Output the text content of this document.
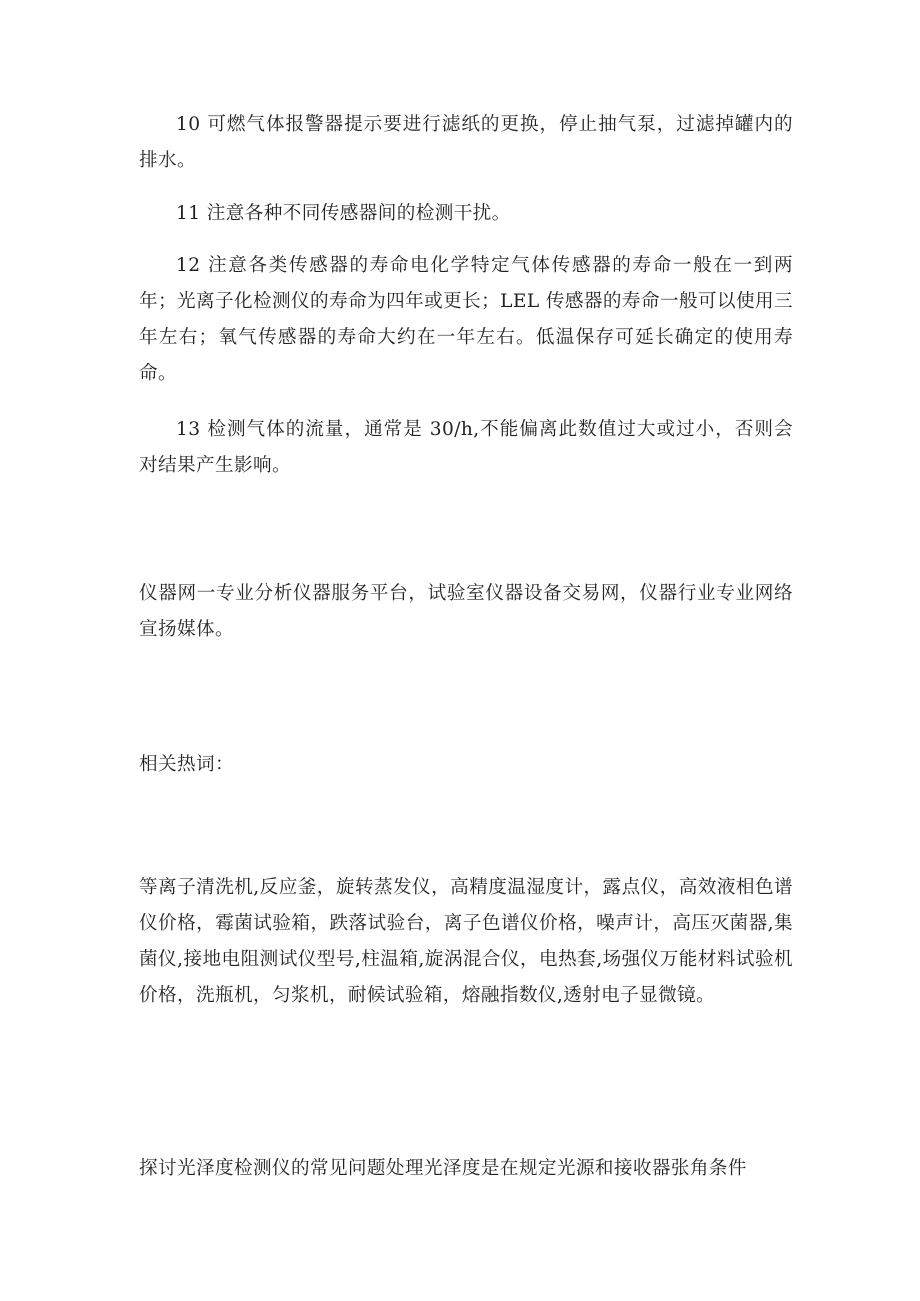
10 可燃气体报警器提示要进行滤纸的更换，停止抽气泵，过滤掉罐内的排水。

11 注意各种不同传感器间的检测干扰。

12 注意各类传感器的寿命电化学特定气体传感器的寿命一般在一到两年；光离子化检测仪的寿命为四年或更长；LEL 传感器的寿命一般可以使用三年左右；氧气传感器的寿命大约在一年左右。低温保存可延长确定的使用寿命。

13 检测气体的流量，通常是 30/h,不能偏离此数值过大或过小，否则会对结果产生影响。

仪器网一专业分析仪器服务平台，试验室仪器设备交易网，仪器行业专业网络宣扬媒体。

相关热词：

等离子清洗机,反应釜，旋转蒸发仪，高精度温湿度计，露点仪，高效液相色谱仪价格，霉菌试验箱，跌落试验台，离子色谱仪价格，噪声计，高压灭菌器,集菌仪,接地电阻测试仪型号,柱温箱,旋涡混合仪，电热套,场强仪万能材料试验机价格，洗瓶机，匀浆机，耐候试验箱，熔融指数仪,透射电子显微镜。

探讨光泽度检测仪的常见问题处理光泽度是在规定光源和接收器张角条件
